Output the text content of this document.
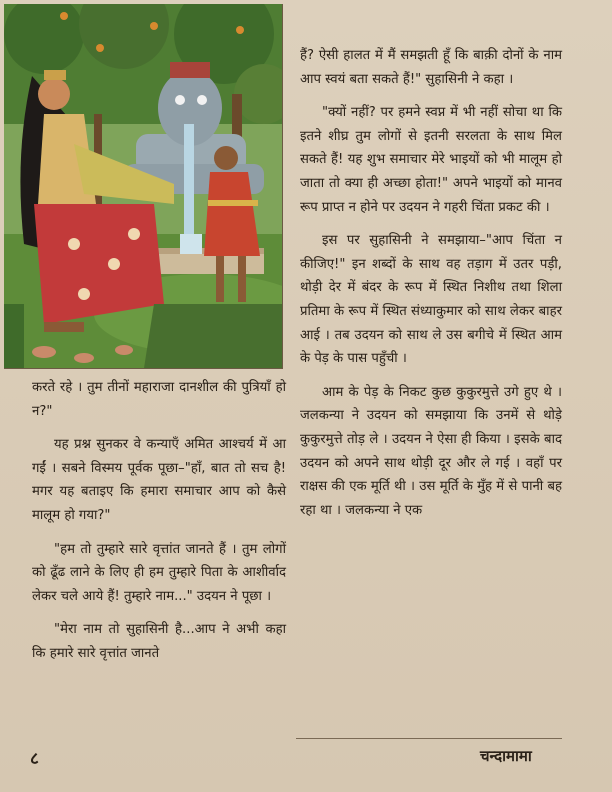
हैं? ऐसी हालत में मैं समझती हूँ कि बाक़ी दोनों के नाम आप स्वयं बता सकते हैं!" सुहासिनी ने कहा ।

"क्यों नहीं? पर हमने स्वप्न में भी नहीं सोचा था कि इतने शीघ्र तुम लोगों से इतनी सरलता के साथ मिल सकते हैं! यह शुभ समाचार मेरे भाइयों को भी मालूम हो जाता तो क्या ही अच्छा होता!" अपने भाइयों को मानव रूप प्राप्त न होने पर उदयन ने गहरी चिंता प्रकट की ।

इस पर सुहासिनी ने समझाया–"आप चिंता न कीजिए!" इन शब्दों के साथ वह तड़ाग में उतर पड़ी, थोड़ी देर में बंदर के रूप में स्थित निशीथ तथा शिला प्रतिमा के रूप में स्थित संध्याकुमार को साथ लेकर बाहर आई । तब उदयन को साथ ले उस बगीचे में स्थित आम के पेड़ के पास पहुँची ।

आम के पेड़ के निकट कुछ कुकुरमुत्ते उगे हुए थे । जलकन्या ने उदयन को समझाया कि उनमें से थोड़े कुकुरमुत्ते तोड़ ले । उदयन ने ऐसा ही किया । इसके बाद उदयन को अपने साथ थोड़ी दूर और ले गई । वहाँ पर राक्षस की एक मूर्ति थी । उस मूर्ति के मुँह में से पानी बह रहा था । जलकन्या ने एक

करते रहे । तुम तीनों महाराजा दानशील की पुत्रियाँ हो न?"

यह प्रश्न सुनकर वे कन्याएँ अमित आश्चर्य में आ गईं । सबने विस्मय पूर्वक पूछा–"हाँ, बात तो सच है! मगर यह बताइए कि हमारा समाचार आप को कैसे मालूम हो गया?"

"हम तो तुम्हारे सारे वृत्तांत जानते हैं । तुम लोगों को ढूँढ लाने के लिए ही हम तुम्हारे पिता के आशीर्वाद लेकर चले आये हैं! तुम्हारे नाम..." उदयन ने पूछा ।

"मेरा नाम तो सुहासिनी है...आप ने अभी कहा कि हमारे सारे वृत्तांत जानते

८	चन्दामामा
